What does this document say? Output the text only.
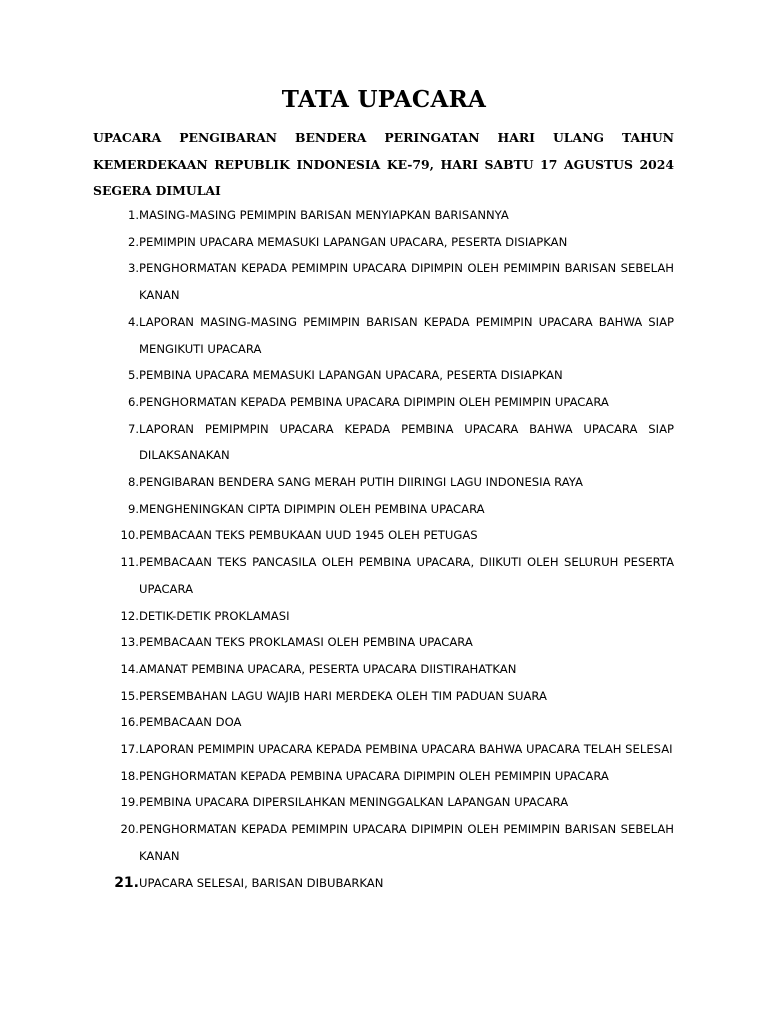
TATA UPACARA

UPACARA PENGIBARAN BENDERA PERINGATAN HARI ULANG TAHUN KEMERDEKAAN REPUBLIK INDONESIA KE-79, HARI SABTU 17 AGUSTUS 2024 SEGERA DIMULAI

1. MASING-MASING PEMIMPIN BARISAN MENYIAPKAN BARISANNYA
2. PEMIMPIN UPACARA MEMASUKI LAPANGAN UPACARA, PESERTA DISIAPKAN
3. PENGHORMATAN KEPADA PEMIMPIN UPACARA DIPIMPIN OLEH PEMIMPIN BARISAN SEBELAH KANAN
4. LAPORAN MASING-MASING PEMIMPIN BARISAN KEPADA PEMIMPIN UPACARA BAHWA SIAP MENGIKUTI UPACARA
5. PEMBINA UPACARA MEMASUKI LAPANGAN UPACARA, PESERTA DISIAPKAN
6. PENGHORMATAN KEPADA PEMBINA UPACARA DIPIMPIN OLEH PEMIMPIN UPACARA
7. LAPORAN PEMIPMPIN UPACARA KEPADA PEMBINA UPACARA BAHWA UPACARA SIAP DILAKSANAKAN
8. PENGIBARAN BENDERA SANG MERAH PUTIH DIIRINGI LAGU INDONESIA RAYA
9. MENGHENINGKAN CIPTA DIPIMPIN OLEH PEMBINA UPACARA
10. PEMBACAAN TEKS PEMBUKAAN UUD 1945 OLEH PETUGAS
11. PEMBACAAN TEKS PANCASILA OLEH PEMBINA UPACARA, DIIKUTI OLEH SELURUH PESERTA UPACARA
12. DETIK-DETIK PROKLAMASI
13. PEMBACAAN TEKS PROKLAMASI OLEH PEMBINA UPACARA
14. AMANAT PEMBINA UPACARA, PESERTA UPACARA DIISTIRAHATKAN
15. PERSEMBAHAN LAGU WAJIB HARI MERDEKA OLEH TIM PADUAN SUARA
16. PEMBACAAN DOA
17. LAPORAN PEMIMPIN UPACARA KEPADA PEMBINA UPACARA BAHWA UPACARA TELAH SELESAI
18. PENGHORMATAN KEPADA PEMBINA UPACARA DIPIMPIN OLEH PEMIMPIN UPACARA
19. PEMBINA UPACARA DIPERSILAHKAN MENINGGALKAN LAPANGAN UPACARA
20. PENGHORMATAN KEPADA PEMIMPIN UPACARA DIPIMPIN OLEH PEMIMPIN BARISAN SEBELAH KANAN
21. UPACARA SELESAI, BARISAN DIBUBARKAN
